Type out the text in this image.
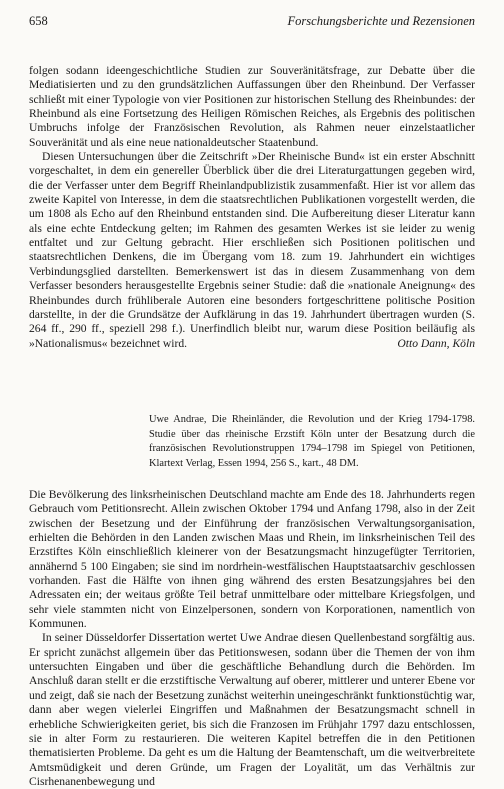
658	Forschungsberichte und Rezensionen

folgen sodann ideengeschichtliche Studien zur Souveränitätsfrage, zur Debatte über die Mediatisierten und zu den grundsätzlichen Auffassungen über den Rheinbund. Der Verfasser schließt mit einer Typologie von vier Positionen zur historischen Stellung des Rheinbundes: der Rheinbund als eine Fortsetzung des Heiligen Römischen Reiches, als Ergebnis des politischen Umbruchs infolge der Französischen Revolution, als Rahmen neuer einzelstaatlicher Souveränität und als eine neue nationaldeutscher Staatenbund.

Diesen Untersuchungen über die Zeitschrift »Der Rheinische Bund« ist ein erster Abschnitt vorgeschaltet, in dem ein genereller Überblick über die drei Literaturgattungen gegeben wird, die der Verfasser unter dem Begriff Rheinlandpublizistik zusammenfaßt. Hier ist vor allem das zweite Kapitel von Interesse, in dem die staatsrechtlichen Publikationen vorgestellt werden, die um 1808 als Echo auf den Rheinbund entstanden sind. Die Aufbereitung dieser Literatur kann als eine echte Entdeckung gelten; im Rahmen des gesamten Werkes ist sie leider zu wenig entfaltet und zur Geltung gebracht. Hier erschließen sich Positionen politischen und staatsrechtlichen Denkens, die im Übergang vom 18. zum 19. Jahrhundert ein wichtiges Verbindungsglied darstellten. Bemerkenswert ist das in diesem Zusammenhang von dem Verfasser besonders herausgestellte Ergebnis seiner Studie: daß die »nationale Aneignung« des Rheinbundes durch frühliberale Autoren eine besonders fortgeschrittene politische Position darstellte, in der die Grundsätze der Aufklärung in das 19. Jahrhundert übertragen wurden (S. 264 ff., 290 ff., speziell 298 f.). Unerfindlich bleibt nur, warum diese Position beiläufig als »Nationalismus« bezeichnet wird.	Otto Dann, Köln

Uwe Andrae, Die Rheinländer, die Revolution und der Krieg 1794-1798. Studie über das rheinische Erzstift Köln unter der Besatzung durch die französischen Revolutionstruppen 1794–1798 im Spiegel von Petitionen, Klartext Verlag, Essen 1994, 256 S., kart., 48 DM.

Die Bevölkerung des linksrheinischen Deutschland machte am Ende des 18. Jahrhunderts regen Gebrauch vom Petitionsrecht. Allein zwischen Oktober 1794 und Anfang 1798, also in der Zeit zwischen der Besetzung und der Einführung der französischen Verwaltungsorganisation, erhielten die Behörden in den Landen zwischen Maas und Rhein, im linksrheinischen Teil des Erzstiftes Köln einschließlich kleinerer von der Besatzungsmacht hinzugefügter Territorien, annähernd 5 100 Eingaben; sie sind im nordrhein-westfälischen Hauptstaatsarchiv geschlossen vorhanden. Fast die Hälfte von ihnen ging während des ersten Besatzungsjahres bei den Adressaten ein; der weitaus größte Teil betraf unmittelbare oder mittelbare Kriegsfolgen, und sehr viele stammten nicht von Einzelpersonen, sondern von Korporationen, namentlich von Kommunen.

In seiner Düsseldorfer Dissertation wertet Uwe Andrae diesen Quellenbestand sorgfältig aus. Er spricht zunächst allgemein über das Petitionswesen, sodann über die Themen der von ihm untersuchten Eingaben und über die geschäftliche Behandlung durch die Behörden. Im Anschluß daran stellt er die erzstiftische Verwaltung auf oberer, mittlerer und unterer Ebene vor und zeigt, daß sie nach der Besetzung zunächst weiterhin uneingeschränkt funktionstüchtig war, dann aber wegen vielerlei Eingriffen und Maßnahmen der Besatzungsmacht schnell in erhebliche Schwierigkeiten geriet, bis sich die Franzosen im Frühjahr 1797 dazu entschlossen, sie in alter Form zu restaurieren. Die weiteren Kapitel betreffen die in den Petitionen thematisierten Probleme. Da geht es um die Haltung der Beamtenschaft, um die weitverbreitete Amtsmüdigkeit und deren Gründe, um Fragen der Loyalität, um das Verhältnis zur Cisrhenanenbewegung und
